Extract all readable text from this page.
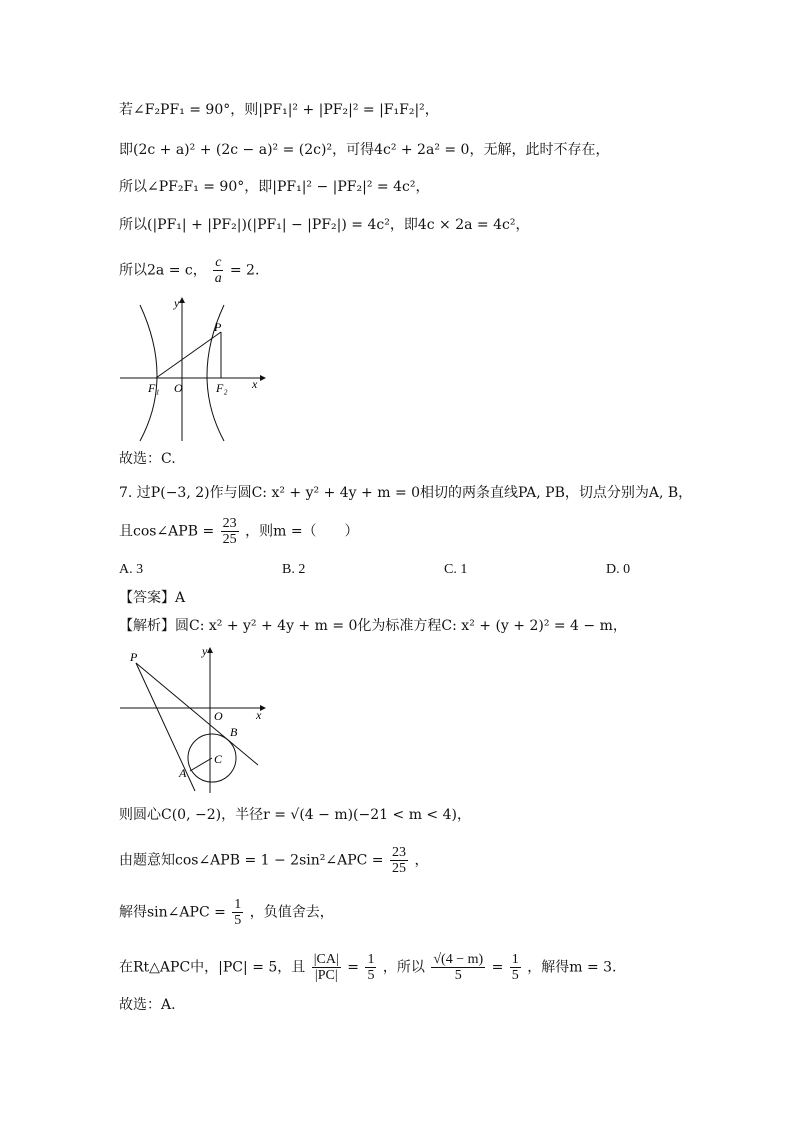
若∠F₂PF₁ = 90°，则|PF₁|² + |PF₂|² = |F₁F₂|²，
即(2c + a)² + (2c − a)² = (2c)²，可得4c² + 2a² = 0，无解，此时不存在，
所以∠PF₂F₁ = 90°，即|PF₁|² − |PF₂|² = 4c²，
所以(|PF₁| + |PF₂|)(|PF₁| − |PF₂|) = 4c²，即4c × 2a = 4c²，
所以2a = c， $\frac{c}{a} = 2$.
y
x
P
F₁ O	F₂
故选：C.
7. 过P(−3, 2)作与圆C: x² + y² + 4y + m = 0相切的两条直线PA, PB，切点分别为A, B，
且cos∠APB = $\frac{23}{25}$ ，则m =（　　）
A. 3	B. 2	C. 1	D. 0
【答案】A
【解析】圆C: x² + y² + 4y + m = 0化为标准方程C: x² + (y + 2)² = 4 − m，
P	y
x
O
B
A
C
则圆心C(0, −2)，半径r = √(4 − m)(−21 < m < 4)，
由题意知cos∠APB = 1 − 2sin²∠APC = $\frac{23}{25}$ ，
解得sin∠APC = $\frac{1}{5}$ ，负值舍去，
在Rt△APC中，|PC| = 5，且 $\frac{|CA|}{|PC|} = \frac{1}{5}$ ，所以 $\frac{√(4 - m)}{5} = \frac{1}{5}$ ，解得m = 3.
故选：A.
